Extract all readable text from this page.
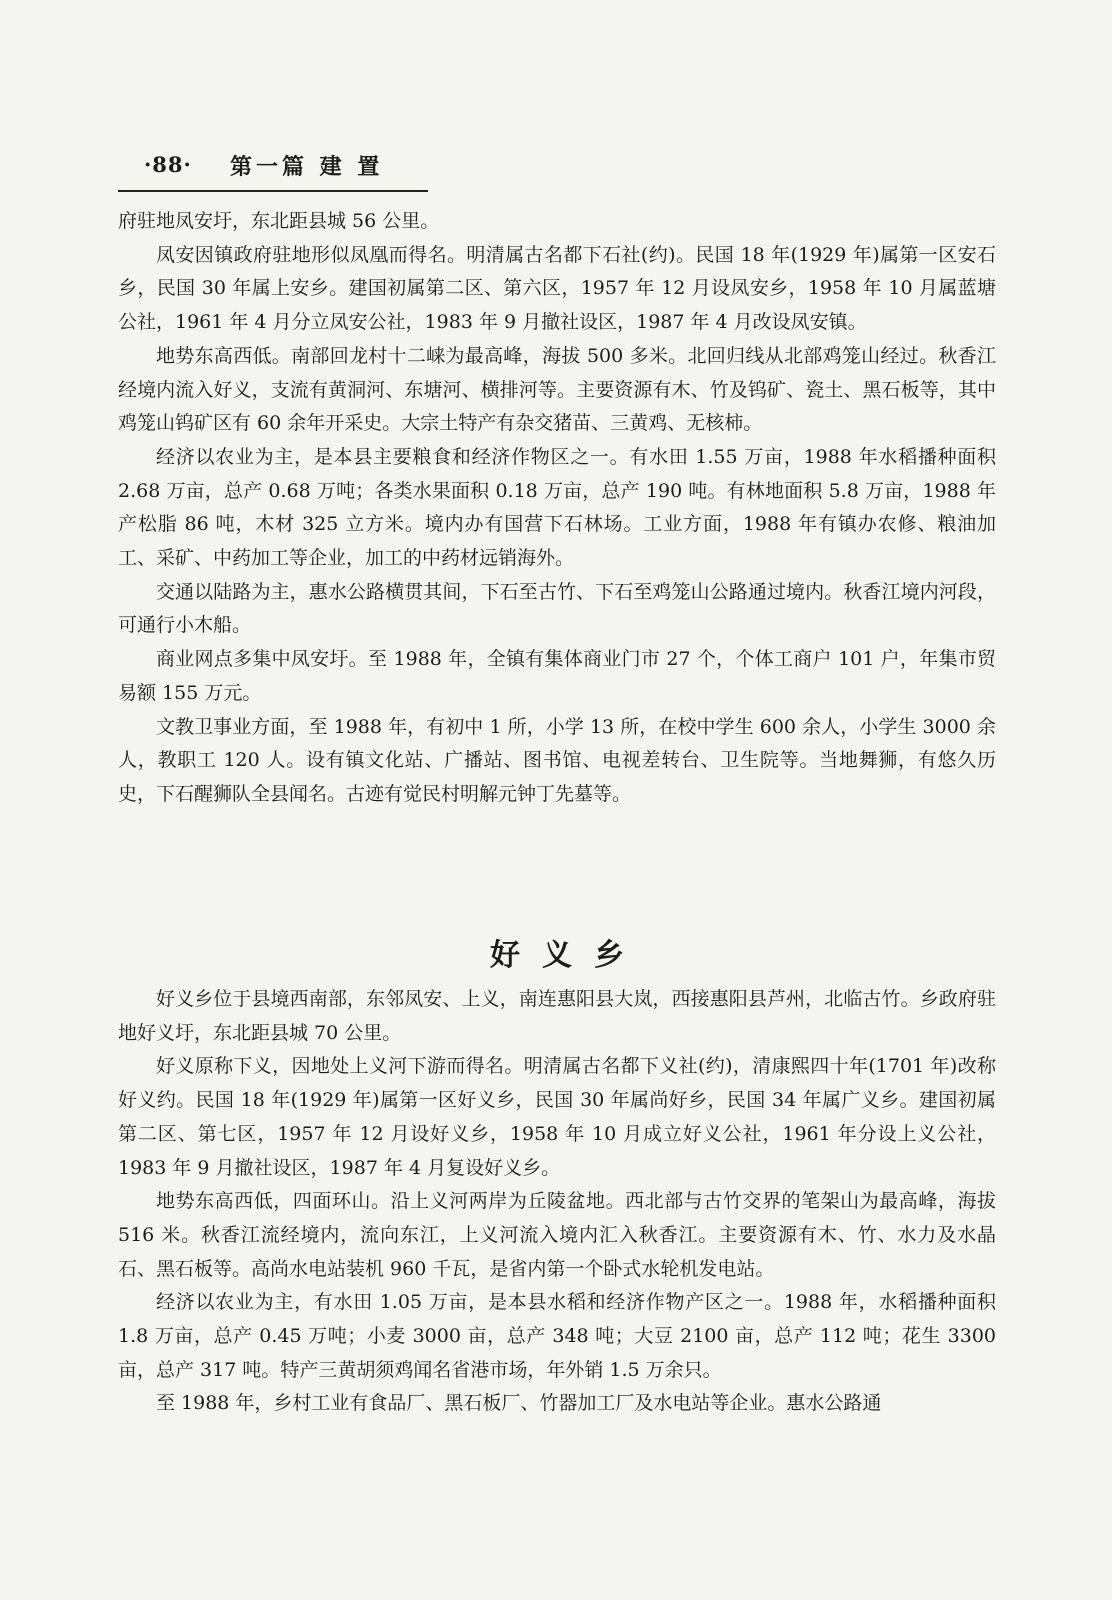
·88· 第一篇 建 置

府驻地凤安圩，东北距县城 56 公里。

凤安因镇政府驻地形似凤凰而得名。明清属古名都下石社(约)。民国 18 年(1929 年)属第一区安石乡，民国 30 年属上安乡。建国初属第二区、第六区，1957 年 12 月设凤安乡，1958 年 10 月属蓝塘公社，1961 年 4 月分立凤安公社，1983 年 9 月撤社设区，1987 年 4 月改设凤安镇。

地势东高西低。南部回龙村十二崃为最高峰，海拔 500 多米。北回归线从北部鸡笼山经过。秋香江经境内流入好义，支流有黄洞河、东塘河、横排河等。主要资源有木、竹及钨矿、瓷土、黑石板等，其中鸡笼山钨矿区有 60 余年开采史。大宗土特产有杂交猪苗、三黄鸡、无核柿。

经济以农业为主，是本县主要粮食和经济作物区之一。有水田 1.55 万亩，1988 年水稻播种面积 2.68 万亩，总产 0.68 万吨；各类水果面积 0.18 万亩，总产 190 吨。有林地面积 5.8 万亩，1988 年产松脂 86 吨，木材 325 立方米。境内办有国营下石林场。工业方面，1988 年有镇办农修、粮油加工、采矿、中药加工等企业，加工的中药材远销海外。

交通以陆路为主，惠水公路横贯其间，下石至古竹、下石至鸡笼山公路通过境内。秋香江境内河段，可通行小木船。

商业网点多集中凤安圩。至 1988 年，全镇有集体商业门市 27 个，个体工商户 101 户，年集市贸易额 155 万元。

文教卫事业方面，至 1988 年，有初中 1 所，小学 13 所，在校中学生 600 余人，小学生 3000 余人，教职工 120 人。设有镇文化站、广播站、图书馆、电视差转台、卫生院等。当地舞狮，有悠久历史，下石醒狮队全县闻名。古迹有觉民村明解元钟丁先墓等。

好义乡

好义乡位于县境西南部，东邻凤安、上义，南连惠阳县大岚，西接惠阳县芦州，北临古竹。乡政府驻地好义圩，东北距县城 70 公里。

好义原称下义，因地处上义河下游而得名。明清属古名都下义社(约)，清康熙四十年(1701 年)改称好义约。民国 18 年(1929 年)属第一区好义乡，民国 30 年属尚好乡，民国 34 年属广义乡。建国初属第二区、第七区，1957 年 12 月设好义乡，1958 年 10 月成立好义公社，1961 年分设上义公社，1983 年 9 月撤社设区，1987 年 4 月复设好义乡。

地势东高西低，四面环山。沿上义河两岸为丘陵盆地。西北部与古竹交界的笔架山为最高峰，海拔 516 米。秋香江流经境内，流向东江，上义河流入境内汇入秋香江。主要资源有木、竹、水力及水晶石、黑石板等。高尚水电站装机 960 千瓦，是省内第一个卧式水轮机发电站。

经济以农业为主，有水田 1.05 万亩，是本县水稻和经济作物产区之一。1988 年，水稻播种面积 1.8 万亩，总产 0.45 万吨；小麦 3000 亩，总产 348 吨；大豆 2100 亩，总产 112 吨；花生 3300 亩，总产 317 吨。特产三黄胡须鸡闻名省港市场，年外销 1.5 万余只。

至 1988 年，乡村工业有食品厂、黑石板厂、竹器加工厂及水电站等企业。惠水公路通
